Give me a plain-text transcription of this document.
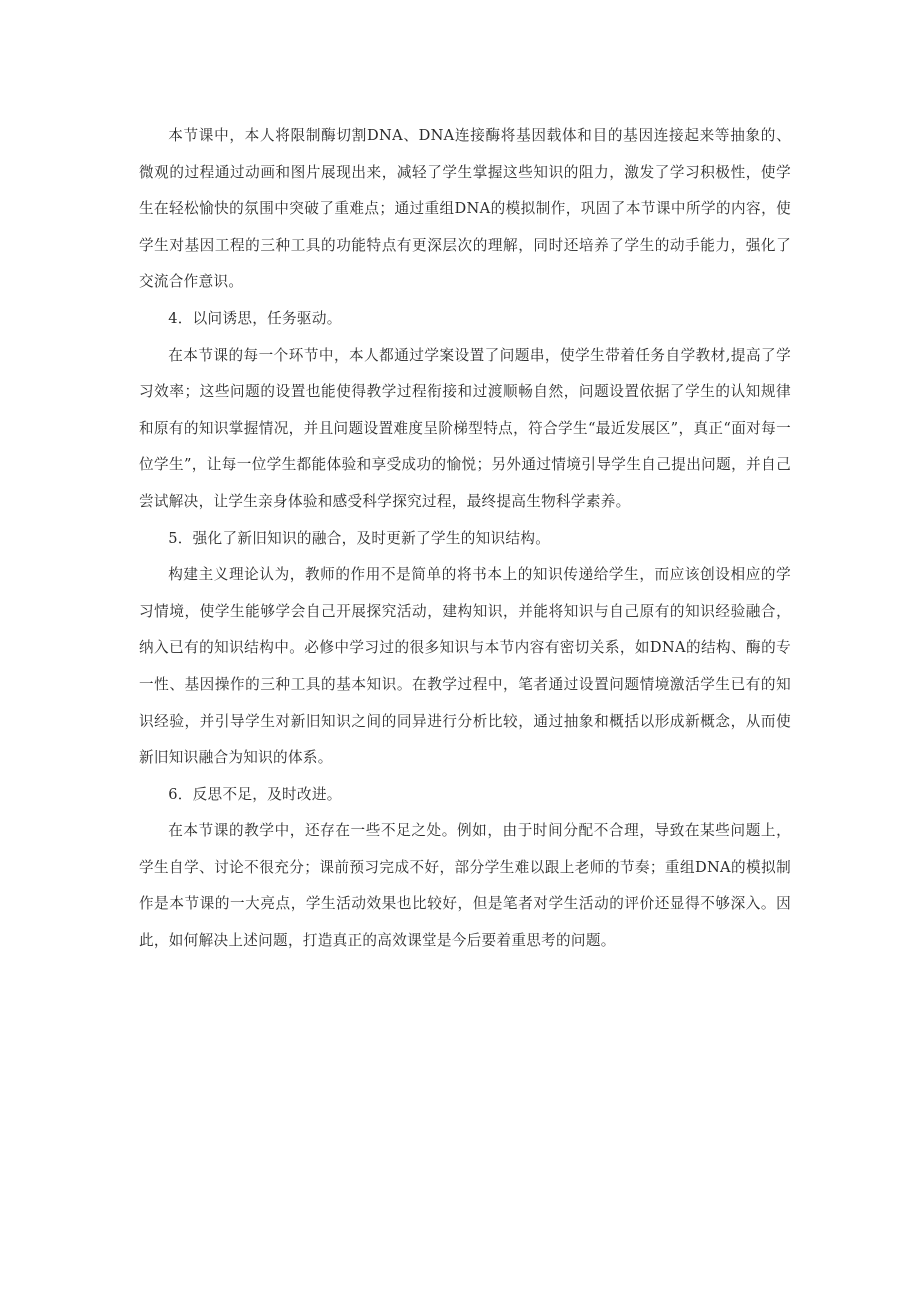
本节课中，本人将限制酶切割DNA、DNA连接酶将基因载体和目的基因连接起来等抽象的、微观的过程通过动画和图片展现出来，减轻了学生掌握这些知识的阻力，激发了学习积极性，使学生在轻松愉快的氛围中突破了重难点；通过重组DNA的模拟制作，巩固了本节课中所学的内容，使学生对基因工程的三种工具的功能特点有更深层次的理解，同时还培养了学生的动手能力，强化了交流合作意识。

4．以问诱思，任务驱动。

在本节课的每一个环节中，本人都通过学案设置了问题串，使学生带着任务自学教材,提高了学习效率；这些问题的设置也能使得教学过程衔接和过渡顺畅自然，问题设置依据了学生的认知规律和原有的知识掌握情况，并且问题设置难度呈阶梯型特点，符合学生“最近发展区”，真正“面对每一位学生”，让每一位学生都能体验和享受成功的愉悦；另外通过情境引导学生自己提出问题，并自己尝试解决，让学生亲身体验和感受科学探究过程，最终提高生物科学素养。

5．强化了新旧知识的融合，及时更新了学生的知识结构。

构建主义理论认为，教师的作用不是简单的将书本上的知识传递给学生，而应该创设相应的学习情境，使学生能够学会自己开展探究活动，建构知识，并能将知识与自己原有的知识经验融合，纳入已有的知识结构中。必修中学习过的很多知识与本节内容有密切关系，如DNA的结构、酶的专一性、基因操作的三种工具的基本知识。在教学过程中，笔者通过设置问题情境激活学生已有的知识经验，并引导学生对新旧知识之间的同异进行分析比较，通过抽象和概括以形成新概念，从而使新旧知识融合为知识的体系。

6．反思不足，及时改进。

在本节课的教学中，还存在一些不足之处。例如，由于时间分配不合理，导致在某些问题上，学生自学、讨论不很充分；课前预习完成不好，部分学生难以跟上老师的节奏；重组DNA的模拟制作是本节课的一大亮点，学生活动效果也比较好，但是笔者对学生活动的评价还显得不够深入。因此，如何解决上述问题，打造真正的高效课堂是今后要着重思考的问题。
